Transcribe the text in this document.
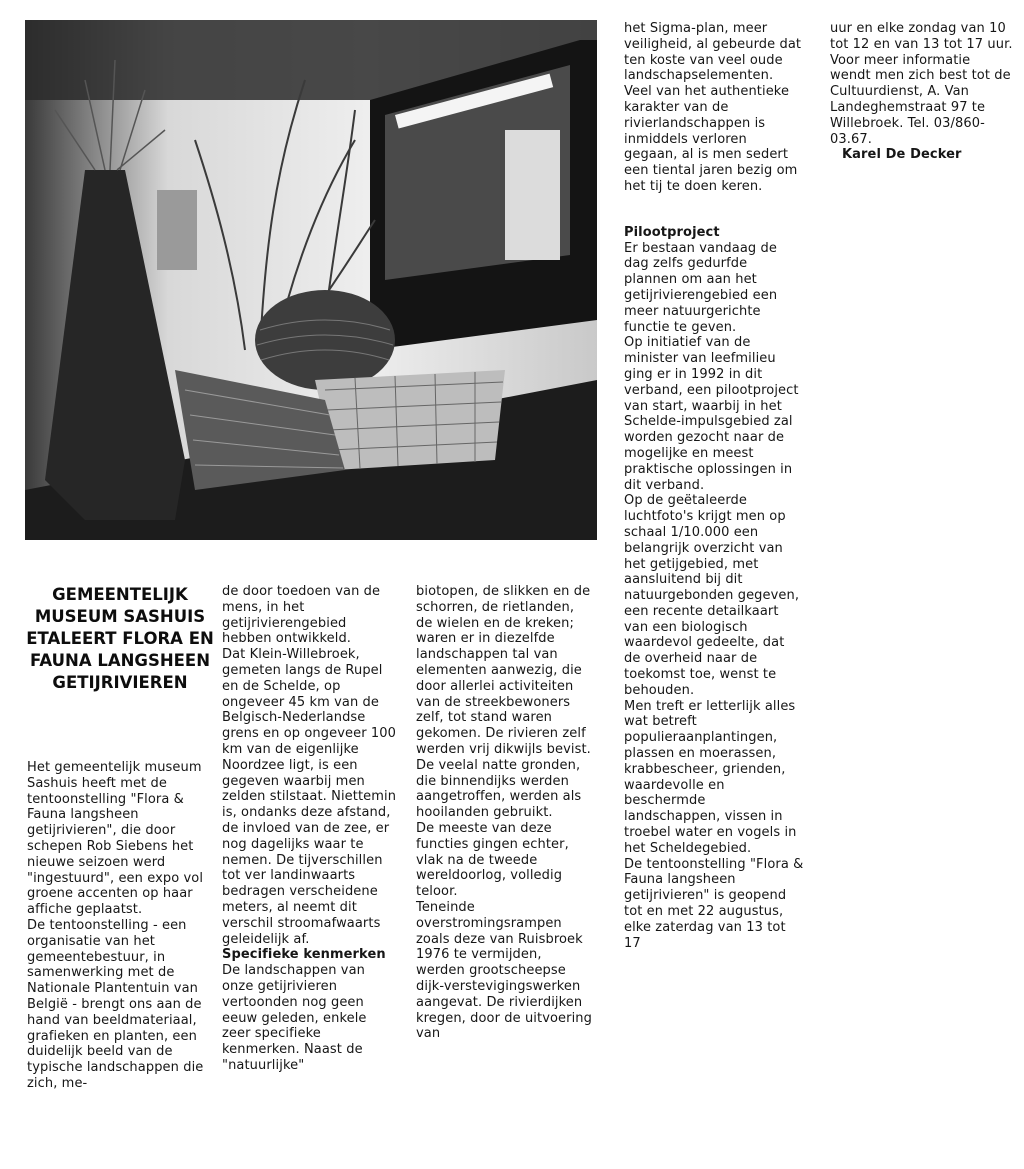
GEMEENTELIJK MUSEUM SASHUIS ETALEERT FLORA EN FAUNA LANGSHEEN GETIJRIVIEREN

Het gemeentelijk museum Sashuis heeft met de tentoonstelling "Flora & Fauna langsheen getijrivieren", die door schepen Rob Siebens het nieuwe seizoen werd "ingestuurd", een expo vol groene accenten op haar affiche geplaatst.

De tentoonstelling - een organisatie van het gemeentebestuur, in samenwerking met de Nationale Plantentuin van België - brengt ons aan de hand van beeldmateriaal, grafieken en planten, een duidelijk beeld van de typische landschappen die zich, me-

de door toedoen van de mens, in het getijrivierengebied hebben ontwikkeld.

Dat Klein-Willebroek, gemeten langs de Rupel en de Schelde, op ongeveer 45 km van de Belgisch-Nederlandse grens en op ongeveer 100 km van de eigenlijke Noordzee ligt, is een gegeven waarbij men zelden stilstaat. Niettemin is, ondanks deze afstand, de invloed van de zee, er nog dagelijks waar te nemen. De tijverschillen tot ver landinwaarts bedragen verscheidene meters, al neemt dit verschil stroomafwaarts geleidelijk af.

Specifieke kenmerken

De landschappen van onze getijrivieren vertoonden nog geen eeuw geleden, enkele zeer specifieke kenmerken. Naast de "natuurlijke"

biotopen, de slikken en de schorren, de rietlanden, de wielen en de kreken; waren er in diezelfde landschappen tal van elementen aanwezig, die door allerlei activiteiten van de streekbewoners zelf, tot stand waren gekomen. De rivieren zelf werden vrij dikwijls bevist. De veelal natte gronden, die binnendijks werden aangetroffen, werden als hooilanden gebruikt.

De meeste van deze functies gingen echter, vlak na de tweede wereldoorlog, volledig teloor.

Teneinde overstromingsrampen zoals deze van Ruisbroek 1976 te vermijden, werden grootscheepse dijk-verstevigingswerken aangevat. De rivierdijken kregen, door de uitvoering van

het Sigma-plan, meer veiligheid, al gebeurde dat ten koste van veel oude landschapselementen.

Veel van het authentieke karakter van de rivierlandschappen is inmiddels verloren gegaan, al is men sedert een tiental jaren bezig om het tij te doen keren.

Pilootproject

Er bestaan vandaag de dag zelfs gedurfde plannen om aan het getijrivierengebied een meer natuurgerichte functie te geven.

Op initiatief van de minister van leefmilieu ging er in 1992 in dit verband, een pilootproject van start, waarbij in het Schelde-impulsgebied zal worden gezocht naar de mogelijke en meest praktische oplossingen in dit verband.

Op de geëtaleerde luchtfoto's krijgt men op schaal 1/10.000 een belangrijk overzicht van het getijgebied, met aansluitend bij dit natuurgebonden gegeven, een recente detailkaart van een biologisch waardevol gedeelte, dat de overheid naar de toekomst toe, wenst te behouden.

Men treft er letterlijk alles wat betreft populieraanplantingen, plassen en moerassen, krabbescheer, grienden, waardevolle en beschermde landschappen, vissen in troebel water en vogels in het Scheldegebied.

De tentoonstelling "Flora & Fauna langsheen getijrivieren" is geopend tot en met 22 augustus, elke zaterdag van 13 tot 17

uur en elke zondag van 10 tot 12 en van 13 tot 17 uur.

Voor meer informatie wendt men zich best tot de Cultuurdienst, A. Van Landeghemstraat 97 te Willebroek. Tel. 03/860-03.67.

Karel De Decker
